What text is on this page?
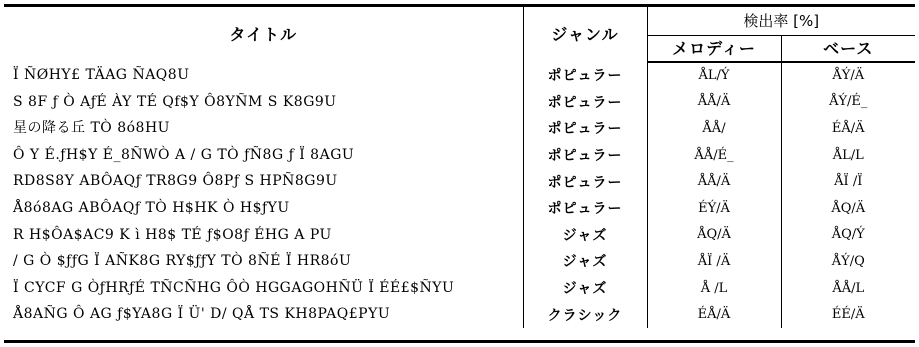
タイトル	ジャンル	検出率 [%]	
		メロディー	ベース
Ï ÑØHY£ TÄAG ÑAQ8U	ポピュラー	ÅL/Ý	ÅÝ/Ä
S 8F ƒ Ò AƒÉ ÀY TÉ Qf$Y Ô8YÑM S K8G9U	ポピュラー	ÅÅ/Ä	ÅÝ/É_
星の降る丘 TÒ 8ó8HU	ポピュラー	ÅÅ/	ÉÅ/Ä
Ô Y É.ƒH$Y É_8ÑWÒ A / G TÒ ƒÑ8G ƒ Ï 8AGU	ポピュラー	ÅÅ/É_	ÅL/L
RD8S8Y ABÔAQƒ TR8G9 Ô8Pƒ S HPÑ8G9U	ポピュラー	ÅÅ/Ä	ÅÏ /Ï
Å8ó8AG ABÔAQƒ TÒ H$HK Ò H$ƒYU	ポピュラー	ÉÝ/Ä	ÅQ/Ä
R H$ÔA$AC9 K ì H8$ TÉ ƒ$O8ƒ ÉHG A PU	ジャズ	ÅQ/Ä	ÅQ/Ý
/ G Ò $ƒƒG Ï AÑK8G RY$ƒƒY TÒ 8ÑÉ Ï HR8óU	ジャズ	ÅÏ /Ä	ÅÝ/Q
Ï CYCF G ÒƒHRƒÉ TÑCÑHG ÔÒ HGGAGOHÑÜ Ï ÉÉ£$ÑYU	ジャズ	Å /L	ÅÅ/L
Å8AÑG Ô AG ƒ$YA8G Ï Ü' D/ QÅ TS KH8PAQ£PYU	クラシック	ÉÅ/Ä	ÉÉ/Ä
